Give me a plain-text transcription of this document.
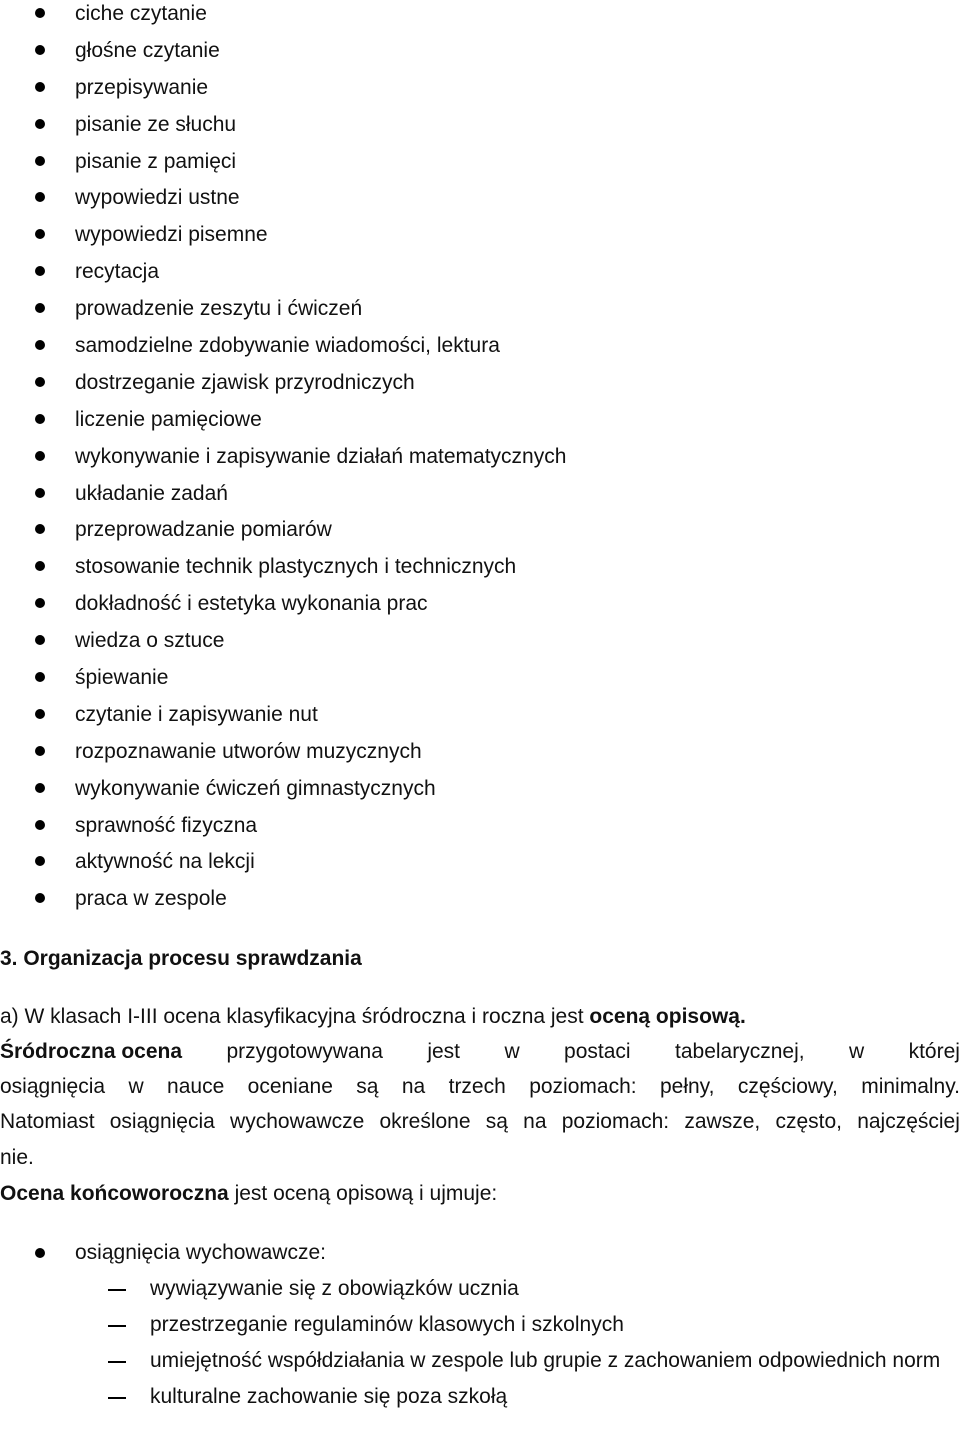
ciche czytanie
głośne czytanie
przepisywanie
pisanie ze słuchu
pisanie z pamięci
wypowiedzi ustne
wypowiedzi pisemne
recytacja
prowadzenie zeszytu i ćwiczeń
samodzielne zdobywanie wiadomości, lektura
dostrzeganie zjawisk przyrodniczych
liczenie pamięciowe
wykonywanie i zapisywanie działań matematycznych
układanie zadań
przeprowadzanie pomiarów
stosowanie technik plastycznych i technicznych
dokładność i estetyka wykonania prac
wiedza o sztuce
śpiewanie
czytanie i zapisywanie nut
rozpoznawanie utworów muzycznych
wykonywanie ćwiczeń gimnastycznych
sprawność fizyczna
aktywność na lekcji
praca w zespole
3. Organizacja procesu sprawdzania
a) W klasach I-III ocena klasyfikacyjna śródroczna i roczna jest oceną opisową.
Śródroczna ocena przygotowywana jest w postaci tabelarycznej, w której
osiągnięcia w nauce oceniane są na trzech poziomach: pełny, częściowy, minimalny.
Natomiast osiągnięcia wychowawcze określone są na poziomach: zawsze, często, najczęściej
nie.
Ocena końcoworoczna jest oceną opisową i ujmuje:
osiągnięcia wychowawcze:
wywiązywanie się z obowiązków ucznia
przestrzeganie regulaminów klasowych i szkolnych
umiejętność współdziałania w zespole lub grupie z zachowaniem odpowiednich norm
kulturalne zachowanie się poza szkołą
